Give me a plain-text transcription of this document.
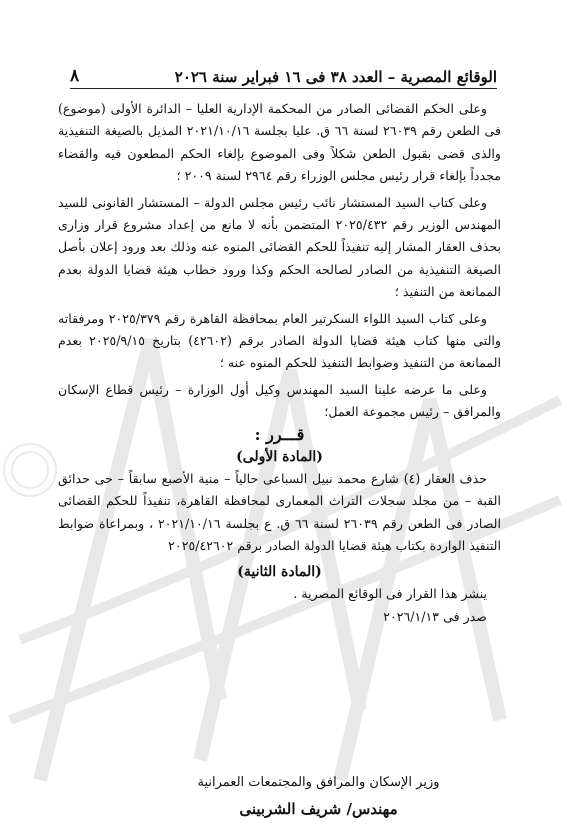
الوقائع المصرية – العدد ٣٨ فى ١٦ فبراير سنة ٢٠٢٦
٨

وعلى الحكم القضائى الصادر من المحكمة الإدارية العليا – الدائرة الأولى (موضوع) فى الطعن رقم ٢٦٠٣٩ لسنة ٦٦ ق. عليا بجلسة ٢٠٢١/١٠/١٦ المذيل بالصيغة التنفيذية والذى قضى بقبول الطعن شكلاً وفى الموضوع بإلغاء الحكم المطعون فيه والقضاء مجدداً بإلغاء قرار رئيس مجلس الوزراء رقم ٢٩٦٤ لسنة ٢٠٠٩ ؛

وعلى كتاب السيد المستشار نائب رئيس مجلس الدولة – المستشار القانونى للسيد المهندس الوزير رقم ٢٠٢٥/٤٣٢ المتضمن بأنه لا مانع من إعداد مشروع قرار وزارى بحذف العقار المشار إليه تنفيذاً للحكم القضائى المنوه عنه وذلك بعد ورود إعلان بأصل الصيغة التنفيذية من الصادر لصالحه الحكم وكذا ورود خطاب هيئة قضايا الدولة بعدم الممانعة من التنفيذ ؛

وعلى كتاب السيد اللواء السكرتير العام بمحافظة القاهرة رقم ٢٠٢٥/٣٧٩ ومرفقاته والتى منها كتاب هيئة قضايا الدولة الصادر برقم (٤٢٦٠٢) بتاريخ ٢٠٢٥/٩/١٥ بعدم الممانعة من التنفيذ وضوابط التنفيذ للحكم المنوه عنه ؛

وعلى ما عرضه علينا السيد المهندس وكيل أول الوزارة – رئيس قطاع الإسكان والمرافق – رئيس مجموعة العمل؛

قـــرر :

(المادة الأولى)

حذف العقار (٤) شارع محمد نبيل السباعى حالياً – منية الأصبع سابقاً – حى حدائق القبة – من مجلد سجلات التراث المعمارى لمحافظة القاهرة، تنفيذاً للحكم القضائى الصادر فى الطعن رقم ٢٦٠٣٩ لسنة ٦٦ ق. ع بجلسة ٢٠٢١/١٠/١٦ ، وبمراعاة ضوابط التنفيذ الواردة بكتاب هيئة قضايا الدولة الصادر برقم ٢٠٢٥/٤٢٦٠٢

(المادة الثانية)

ينشر هذا القرار فى الوقائع المصرية .

صدر فى ٢٠٢٦/١/١٣

وزير الإسكان والمرافق والمجتمعات العمرانية
مهندس/ شريف الشربينى
